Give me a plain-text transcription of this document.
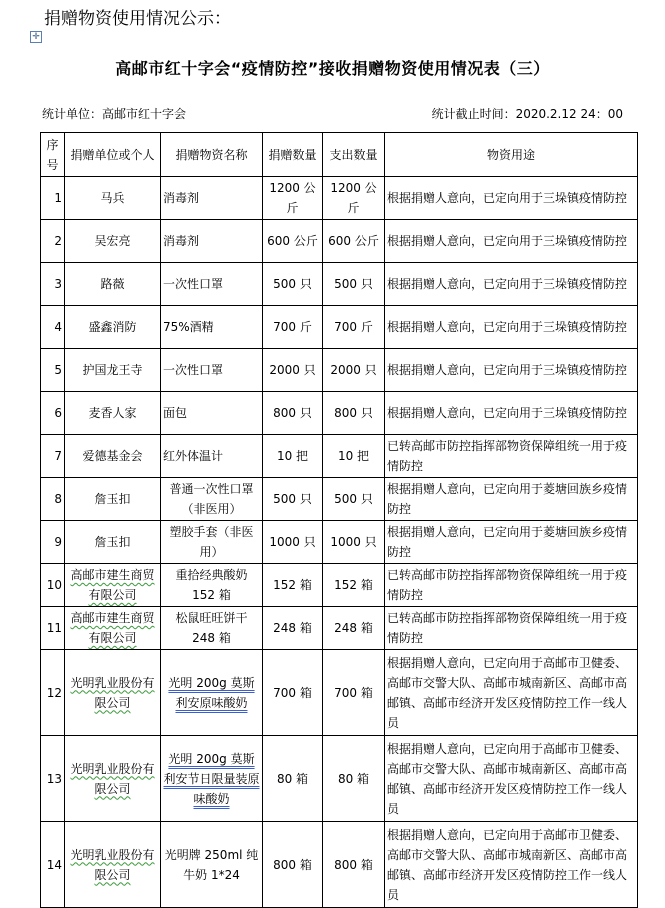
捐赠物资使用情况公示：
✛
高邮市红十字会“疫情防控”接收捐赠物资使用情况表（三）
统计单位：高邮市红十字会	统计截止时间：2020.2.12 24：00
序号	捐赠单位或个人	捐赠物资名称	捐赠数量	支出数量	物资用途
1	马兵	消毒剂	1200 公斤	1200 公斤	根据捐赠人意向，已定向用于三垛镇疫情防控
2	吴宏亮	消毒剂	600 公斤	600 公斤	根据捐赠人意向，已定向用于三垛镇疫情防控
3	路薇	一次性口罩	500 只	500 只	根据捐赠人意向，已定向用于三垛镇疫情防控
4	盛鑫消防	75%酒精	700 斤	700 斤	根据捐赠人意向，已定向用于三垛镇疫情防控
5	护国龙王寺	一次性口罩	2000 只	2000 只	根据捐赠人意向，已定向用于三垛镇疫情防控
6	麦香人家	面包	800 只	800 只	根据捐赠人意向，已定向用于三垛镇疫情防控
7	爱德基金会	红外体温计	10 把	10 把	已转高邮市防控指挥部物资保障组统一用于疫情防控
8	詹玉扣	普通一次性口罩（非医用）	500 只	500 只	根据捐赠人意向，已定向用于菱塘回族乡疫情防控
9	詹玉扣	塑胶手套（非医用）	1000 只	1000 只	根据捐赠人意向，已定向用于菱塘回族乡疫情防控
10	高邮市建生商贸有限公司	重拾经典酸奶 152 箱	152 箱	152 箱	已转高邮市防控指挥部物资保障组统一用于疫情防控
11	高邮市建生商贸有限公司	松鼠旺旺饼干 248 箱	248 箱	248 箱	已转高邮市防控指挥部物资保障组统一用于疫情防控
12	光明乳业股份有限公司	光明 200g 莫斯利安原味酸奶	700 箱	700 箱	根据捐赠人意向，已定向用于高邮市卫健委、高邮市交警大队、高邮市城南新区、高邮市高邮镇、高邮市经济开发区疫情防控工作一线人员
13	光明乳业股份有限公司	光明 200g 莫斯利安节日限量装原味酸奶	80 箱	80 箱	根据捐赠人意向，已定向用于高邮市卫健委、高邮市交警大队、高邮市城南新区、高邮市高邮镇、高邮市经济开发区疫情防控工作一线人员
14	光明乳业股份有限公司	光明牌 250ml 纯牛奶 1*24	800 箱	800 箱	根据捐赠人意向，已定向用于高邮市卫健委、高邮市交警大队、高邮市城南新区、高邮市高邮镇、高邮市经济开发区疫情防控工作一线人员
